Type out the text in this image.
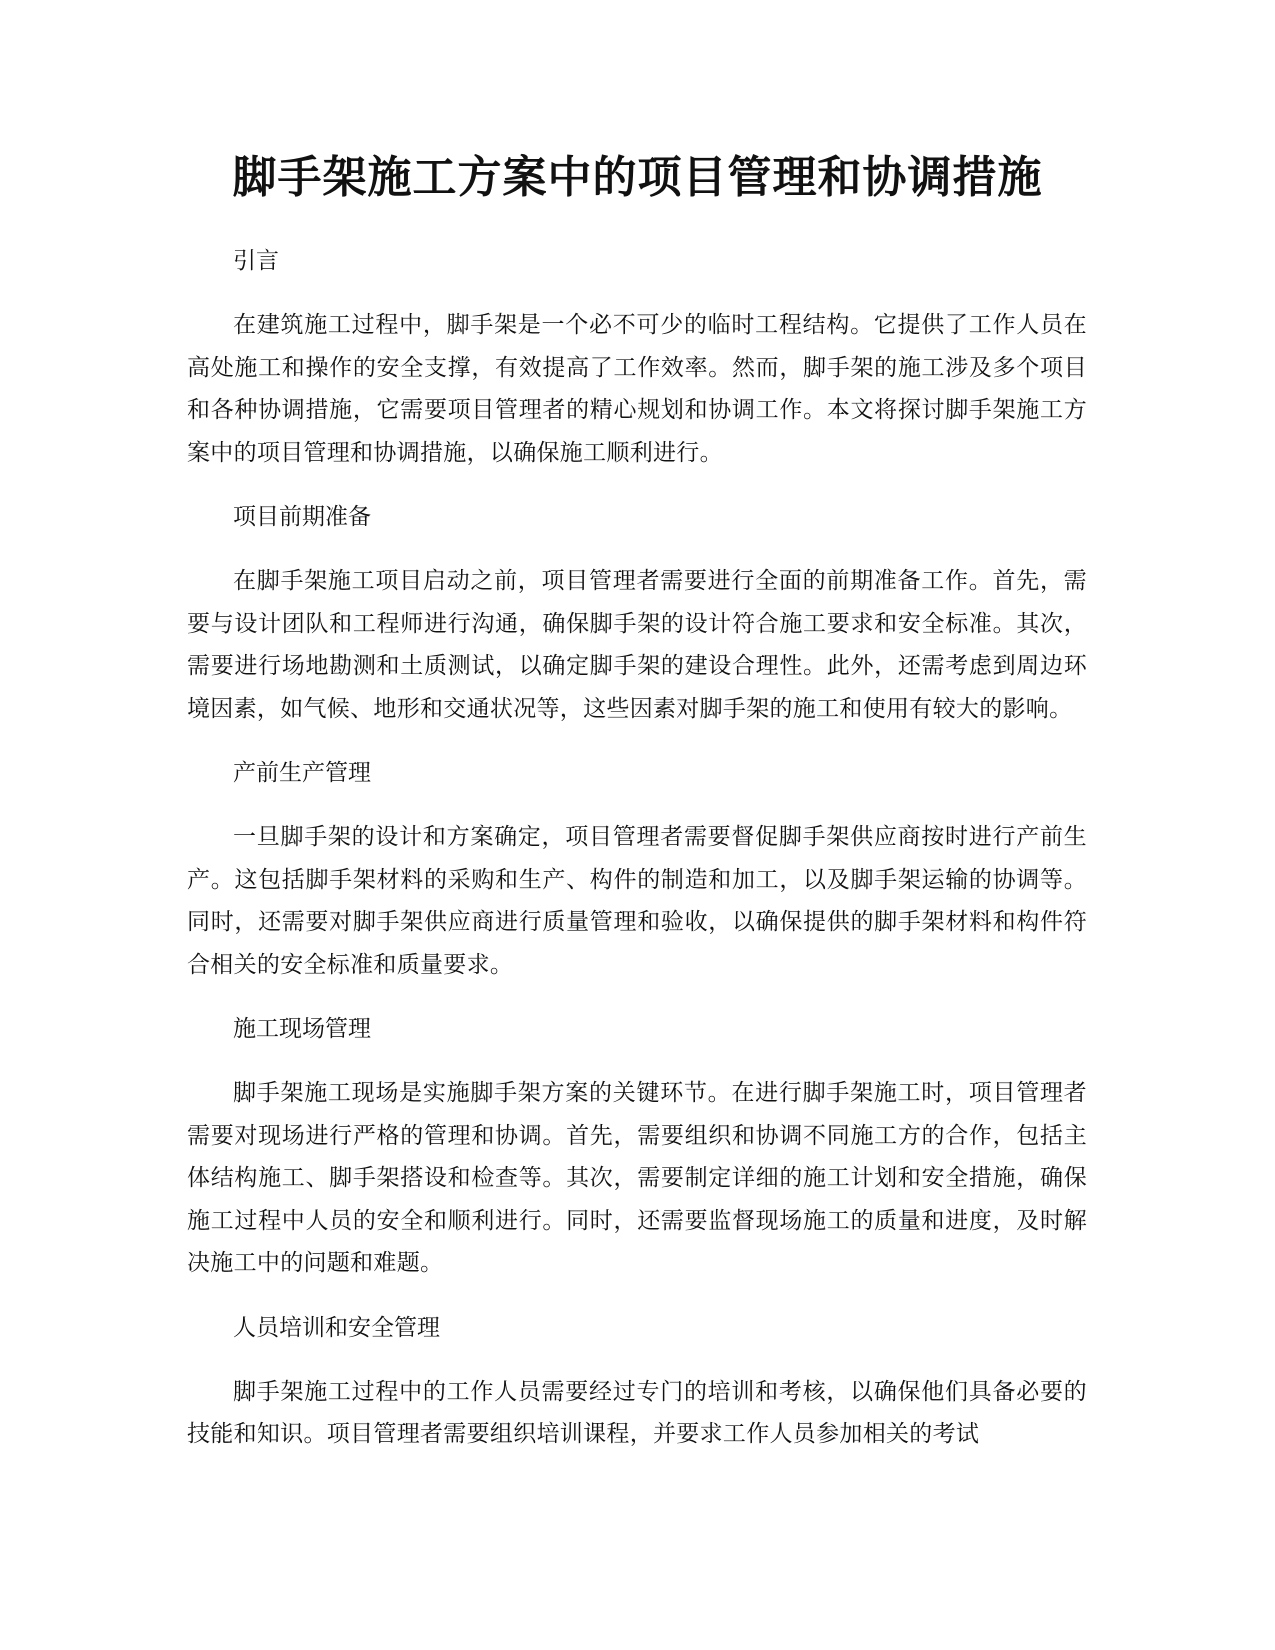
脚手架施工方案中的项目管理和协调措施

引言

在建筑施工过程中，脚手架是一个必不可少的临时工程结构。它提供了工作人员在高处施工和操作的安全支撑，有效提高了工作效率。然而，脚手架的施工涉及多个项目和各种协调措施，它需要项目管理者的精心规划和协调工作。本文将探讨脚手架施工方案中的项目管理和协调措施，以确保施工顺利进行。

项目前期准备

在脚手架施工项目启动之前，项目管理者需要进行全面的前期准备工作。首先，需要与设计团队和工程师进行沟通，确保脚手架的设计符合施工要求和安全标准。其次，需要进行场地勘测和土质测试，以确定脚手架的建设合理性。此外，还需考虑到周边环境因素，如气候、地形和交通状况等，这些因素对脚手架的施工和使用有较大的影响。

产前生产管理

一旦脚手架的设计和方案确定，项目管理者需要督促脚手架供应商按时进行产前生产。这包括脚手架材料的采购和生产、构件的制造和加工，以及脚手架运输的协调等。同时，还需要对脚手架供应商进行质量管理和验收，以确保提供的脚手架材料和构件符合相关的安全标准和质量要求。

施工现场管理

脚手架施工现场是实施脚手架方案的关键环节。在进行脚手架施工时，项目管理者需要对现场进行严格的管理和协调。首先，需要组织和协调不同施工方的合作，包括主体结构施工、脚手架搭设和检查等。其次，需要制定详细的施工计划和安全措施，确保施工过程中人员的安全和顺利进行。同时，还需要监督现场施工的质量和进度，及时解决施工中的问题和难题。

人员培训和安全管理

脚手架施工过程中的工作人员需要经过专门的培训和考核，以确保他们具备必要的技能和知识。项目管理者需要组织培训课程，并要求工作人员参加相关的考试
